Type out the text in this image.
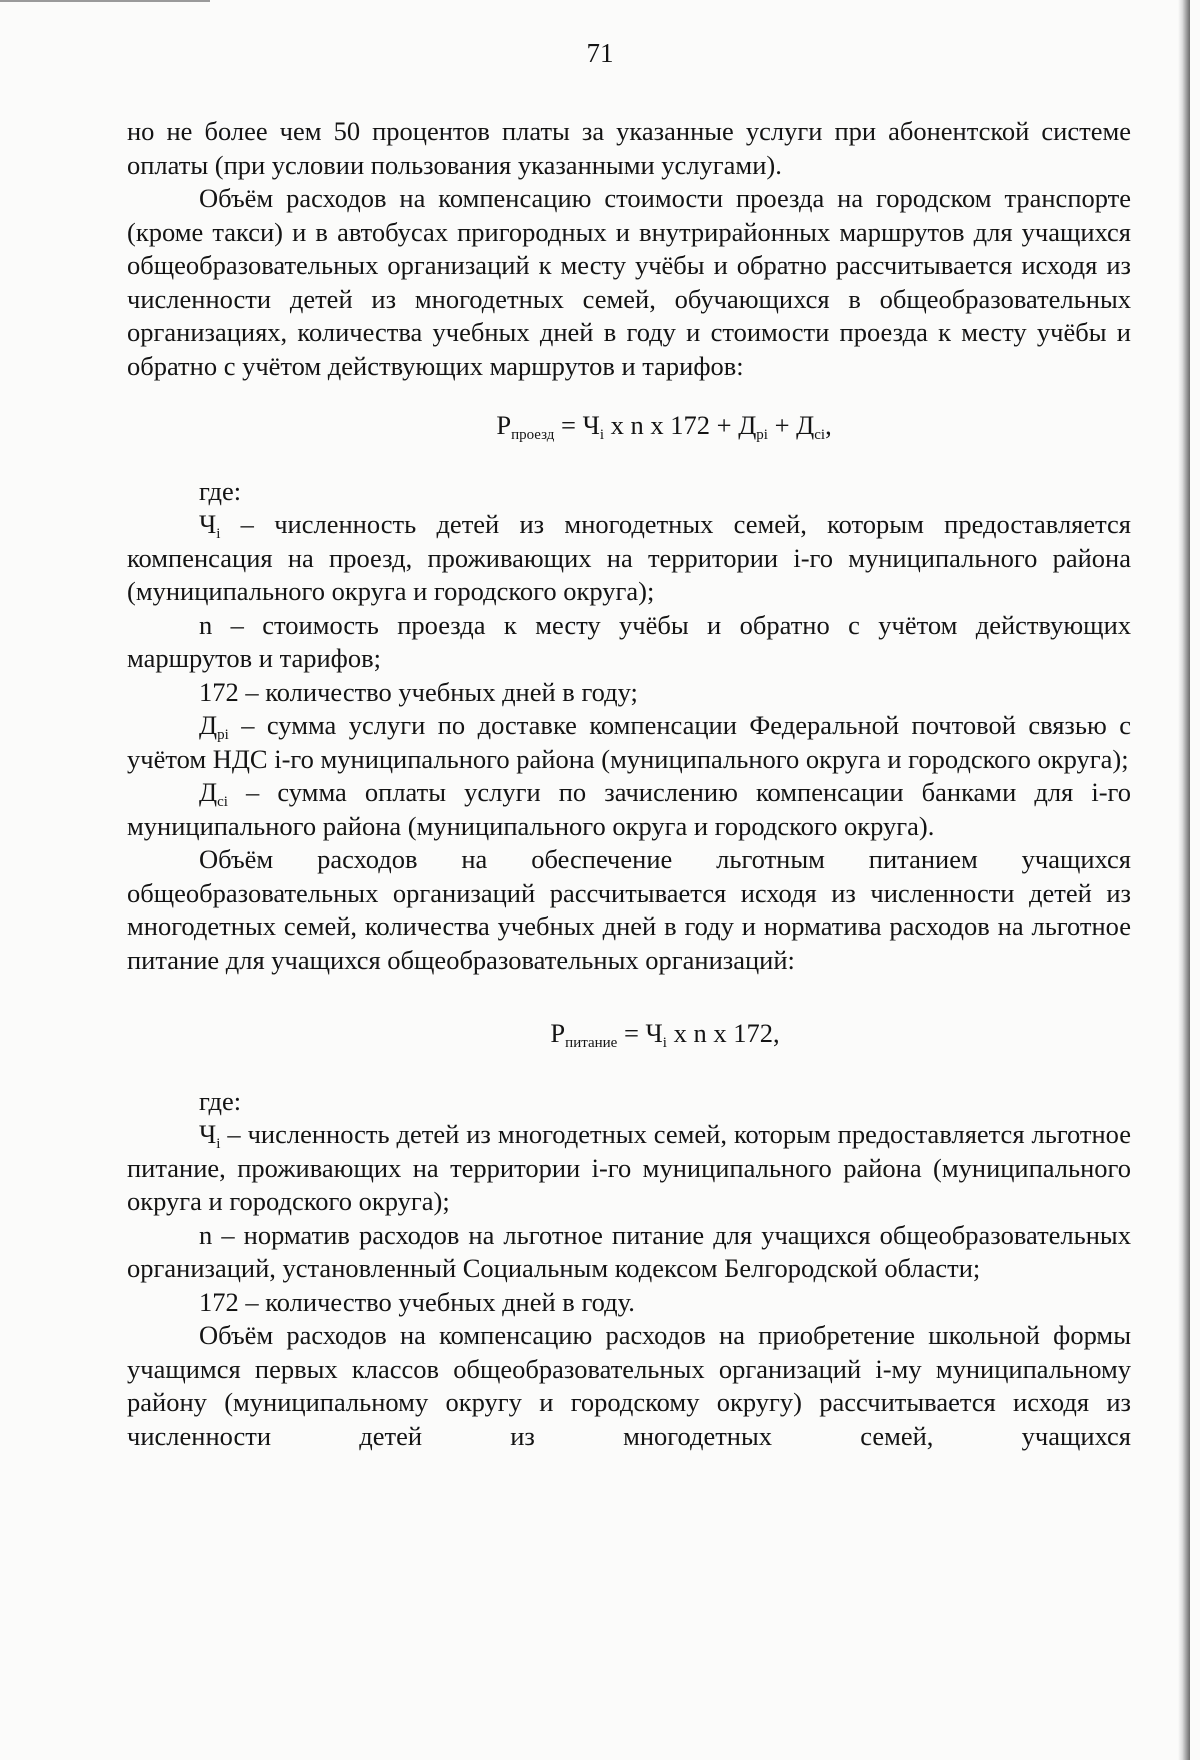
71

но не более чем 50 процентов платы за указанные услуги при абонентской системе оплаты (при условии пользования указанными услугами).

Объём расходов на компенсацию стоимости проезда на городском транспорте (кроме такси) и в автобусах пригородных и внутрирайонных маршрутов для учащихся общеобразовательных организаций к месту учёбы и обратно рассчитывается исходя из численности детей из многодетных семей, обучающихся в общеобразовательных организациях, количества учебных дней в году и стоимости проезда к месту учёбы и обратно с учётом действующих маршрутов и тарифов:

$Р_{проезд} = Ч_i$ х n х $172 + Д_{pi} + Д_{ci}$,

где:

$Ч_i$ – численность детей из многодетных семей, которым предоставляется компенсация на проезд, проживающих на территории i-го муниципального района (муниципального округа и городского округа);

n – стоимость проезда к месту учёбы и обратно с учётом действующих маршрутов и тарифов;

172 – количество учебных дней в году;

$Д_{pi}$ – сумма услуги по доставке компенсации Федеральной почтовой связью с учётом НДС i-го муниципального района (муниципального округа и городского округа);

$Д_{ci}$ – сумма оплаты услуги по зачислению компенсации банками для i-го муниципального района (муниципального округа и городского округа).

Объём расходов на обеспечение льготным питанием учащихся общеобразовательных организаций рассчитывается исходя из численности детей из многодетных семей, количества учебных дней в году и норматива расходов на льготное питание для учащихся общеобразовательных организаций:

$Р_{питание} = Ч_i$ х n х 172,

где:

$Ч_i$ – численность детей из многодетных семей, которым предоставляется льготное питание, проживающих на территории i-го муниципального района (муниципального округа и городского округа);

n – норматив расходов на льготное питание для учащихся общеобразовательных организаций, установленный Социальным кодексом Белгородской области;

172 – количество учебных дней в году.

Объём расходов на компенсацию расходов на приобретение школьной формы учащимся первых классов общеобразовательных организаций i-му муниципальному району (муниципальному округу и городскому округу) рассчитывается исходя из численности детей из многодетных семей, учащихся
